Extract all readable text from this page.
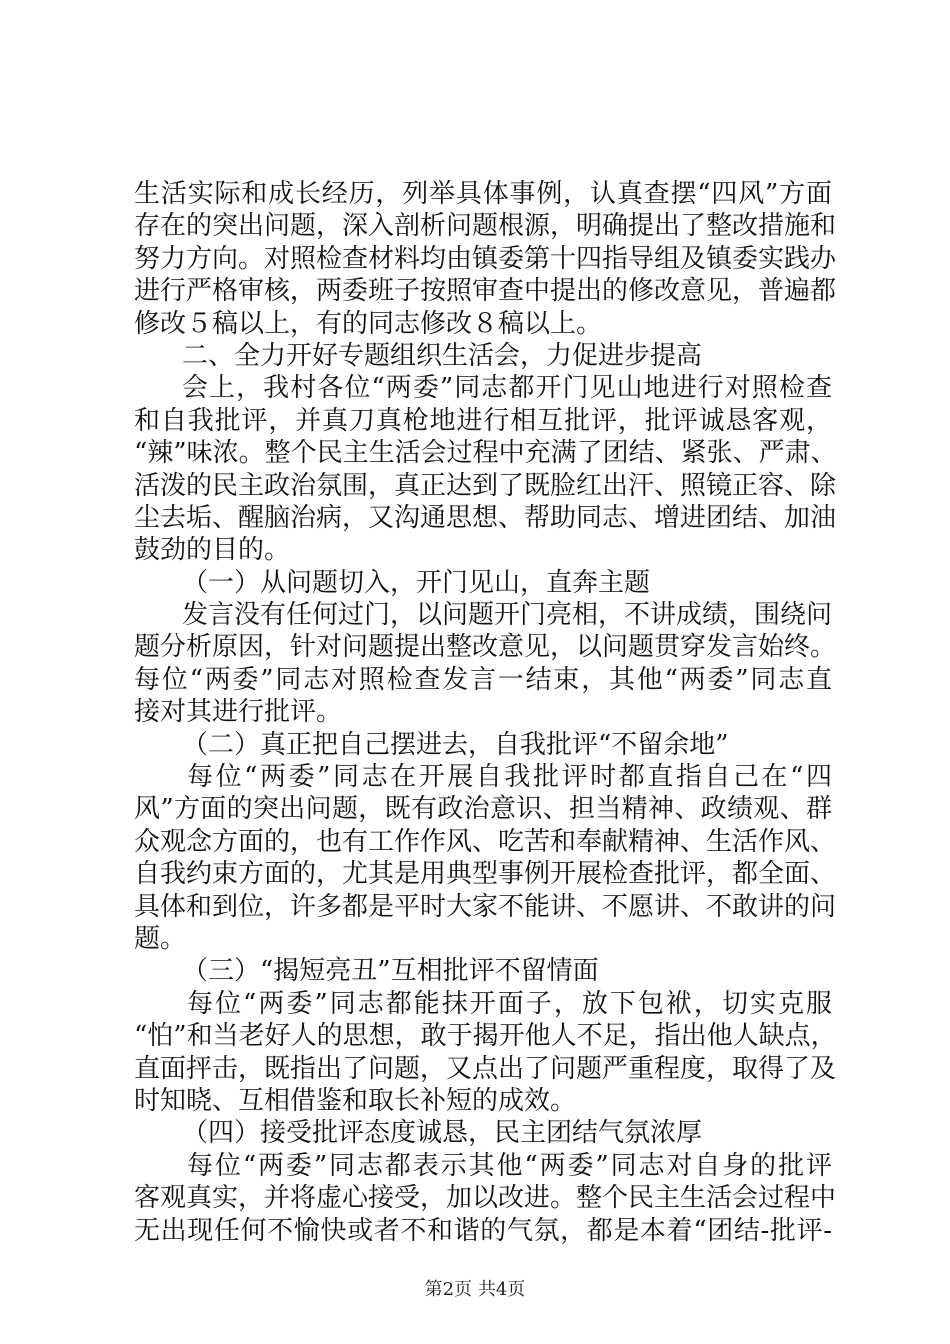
生活实际和成长经历，列举具体事例，认真查摆“四风”方面
存在的突出问题，深入剖析问题根源，明确提出了整改措施和
努力方向。对照检查材料均由镇委第十四指导组及镇委实践办
进行严格审核，两委班子按照审查中提出的修改意见，普遍都
修改５稿以上，有的同志修改８稿以上。
二、全力开好专题组织生活会，力促进步提高
会上，我村各位“两委”同志都开门见山地进行对照检查
和自我批评，并真刀真枪地进行相互批评，批评诚恳客观，
“辣”味浓。整个民主生活会过程中充满了团结、紧张、严肃、
活泼的民主政治氛围，真正达到了既脸红出汗、照镜正容、除
尘去垢、醒脑治病，又沟通思想、帮助同志、增进团结、加油
鼓劲的目的。
（一）从问题切入，开门见山，直奔主题
发言没有任何过门，以问题开门亮相，不讲成绩，围绕问
题分析原因，针对问题提出整改意见，以问题贯穿发言始终。
每位“两委”同志对照检查发言一结束，其他“两委”同志直
接对其进行批评。
（二）真正把自己摆进去，自我批评“不留余地”
每位“两委”同志在开展自我批评时都直指自己在“四
风”方面的突出问题，既有政治意识、担当精神、政绩观、群
众观念方面的，也有工作作风、吃苦和奉献精神、生活作风、
自我约束方面的，尤其是用典型事例开展检查批评，都全面、
具体和到位，许多都是平时大家不能讲、不愿讲、不敢讲的问
题。
（三）“揭短亮丑”互相批评不留情面
每位“两委”同志都能抹开面子，放下包袱，切实克服
“怕”和当老好人的思想，敢于揭开他人不足，指出他人缺点，
直面抨击，既指出了问题，又点出了问题严重程度，取得了及
时知晓、互相借鉴和取长补短的成效。
（四）接受批评态度诚恳，民主团结气氛浓厚
每位“两委”同志都表示其他“两委”同志对自身的批评
客观真实，并将虚心接受，加以改进。整个民主生活会过程中
无出现任何不愉快或者不和谐的气氛，都是本着“团结-批评-
第2页 共4页
